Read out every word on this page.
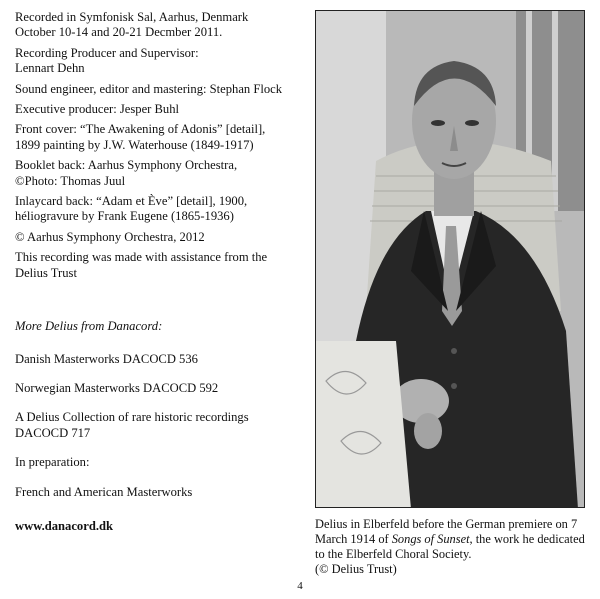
Recorded in Symfonisk Sal, Aarhus, Denmark
October 10-14 and 20-21 Decmber 2011.

Recording Producer and Supervisor:
Lennart Dehn

Sound engineer, editor and mastering: Stephan Flock

Executive producer: Jesper Buhl

Front cover: “The Awakening of Adonis” [detail],
1899 painting by J.W. Waterhouse (1849-1917)

Booklet back: Aarhus Symphony Orchestra,
©Photo: Thomas Juul

Inlaycard back: “Adam et Ève” [detail], 1900,
héliogravure by Frank Eugene (1865-1936)

© Aarhus Symphony Orchestra, 2012

This recording was made with assistance from the
Delius Trust

More Delius from Danacord:

Danish Masterworks DACOCD 536

Norwegian Masterworks DACOCD 592

A Delius Collection of rare historic recordings
DACOCD 717

In preparation:

French and American Masterworks

www.danacord.dk	Delius in Elberfeld before the German premiere on 7 March 1914 of Songs of Sunset, the work he dedicated to the Elberfeld Choral Society.
(© Delius Trust)
4
